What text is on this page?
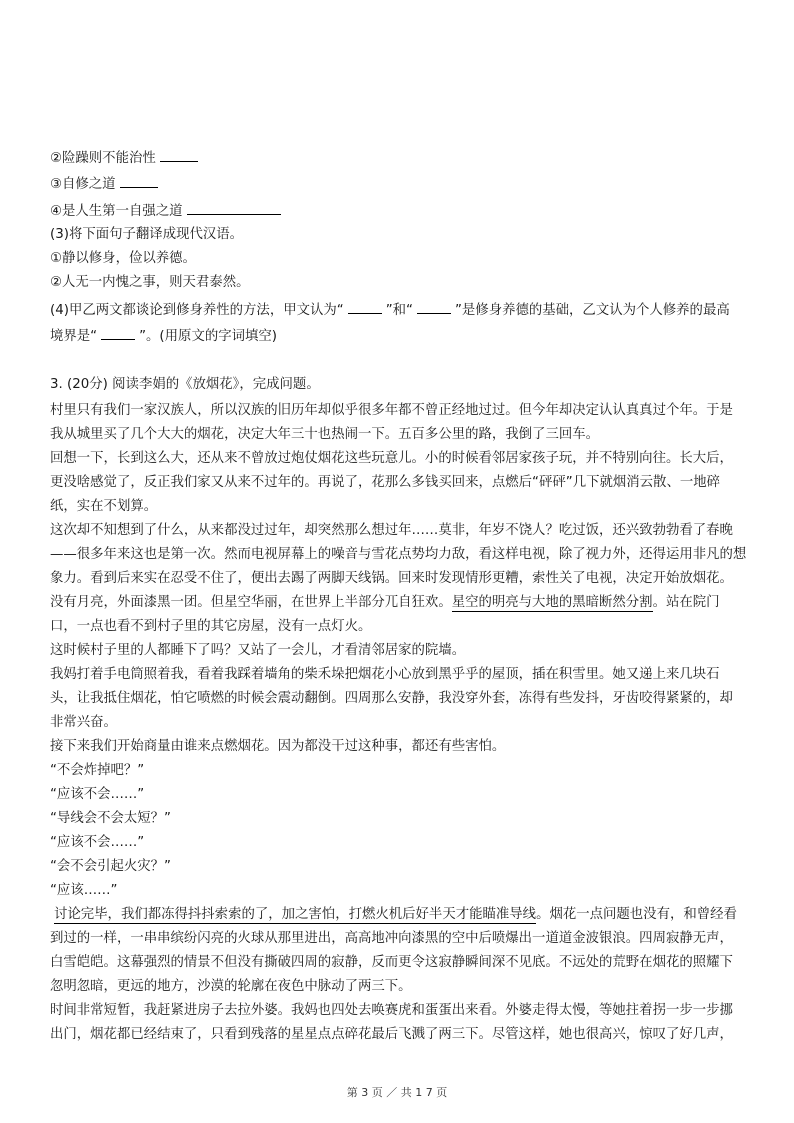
②险躁则不能治性
③自修之道
④是人生第一自强之道
(3)将下面句子翻译成现代汉语。
①静以修身，俭以养德。
②人无一内愧之事，则天君泰然。
(4)甲乙两文都谈论到修身养性的方法，甲文认为“	”和“	”是修身养德的基础，乙文认为个人修养的最高
境界是“	”。(用原文的字词填空)
3. (20分) 阅读李娟的《放烟花》，完成问题。
村里只有我们一家汉族人，所以汉族的旧历年却似乎很多年都不曾正经地过过。但今年却决定认认真真过个年。于是
我从城里买了几个大大的烟花，决定大年三十也热闹一下。五百多公里的路，我倒了三回车。
回想一下，长到这么大，还从来不曾放过炮仗烟花这些玩意儿。小的时候看邻居家孩子玩，并不特别向往。长大后，
更没啥感觉了，反正我们家又从来不过年的。再说了，花那么多钱买回来，点燃后“砰砰”几下就烟消云散、一地碎
纸，实在不划算。
这次却不知想到了什么，从来都没过过年，却突然那么想过年……莫非，年岁不饶人？吃过饭，还兴致勃勃看了春晚
——很多年来这也是第一次。然而电视屏幕上的噪音与雪花点势均力敌，看这样电视，除了视力外，还得运用非凡的想
象力。看到后来实在忍受不住了，便出去踢了两脚天线锅。回来时发现情形更糟，索性关了电视，决定开始放烟花。
没有月亮，外面漆黑一团。但星空华丽，在世界上半部分兀自狂欢。星空的明亮与大地的黑暗断然分割。站在院门
口，一点也看不到村子里的其它房屋，没有一点灯火。
这时候村子里的人都睡下了吗？又站了一会儿，才看清邻居家的院墙。
我妈打着手电筒照着我，看着我踩着墙角的柴禾垛把烟花小心放到黑乎乎的屋顶，插在积雪里。她又递上来几块石
头，让我抵住烟花，怕它喷燃的时候会震动翻倒。四周那么安静，我没穿外套，冻得有些发抖，牙齿咬得紧紧的，却
非常兴奋。
接下来我们开始商量由谁来点燃烟花。因为都没干过这种事，都还有些害怕。
“不会炸掉吧？”
“应该不会……”
“导线会不会太短？”
“应该不会……”
“会不会引起火灾？”
“应该……”
讨论完毕，我们都冻得抖抖索索的了，加之害怕，打燃火机后好半天才能瞄准导线。烟花一点问题也没有，和曾经看
到过的一样，一串串缤纷闪亮的火球从那里进出，高高地冲向漆黑的空中后喷爆出一道道金波银浪。四周寂静无声，
白雪皑皑。这幕强烈的情景不但没有撕破四周的寂静，反而更令这寂静瞬间深不见底。不远处的荒野在烟花的照耀下
忽明忽暗，更远的地方，沙漠的轮廓在夜色中脉动了两三下。
时间非常短暂，我赶紧进房子去拉外婆。我妈也四处去唤赛虎和蛋蛋出来看。外婆走得太慢，等她拄着拐一步一步挪
出门，烟花都已经结束了，只看到残落的星星点点碎花最后飞溅了两三下。尽管这样，她也很高兴，惊叹了好几声，
第 3 页 ／ 共 1 7 页
